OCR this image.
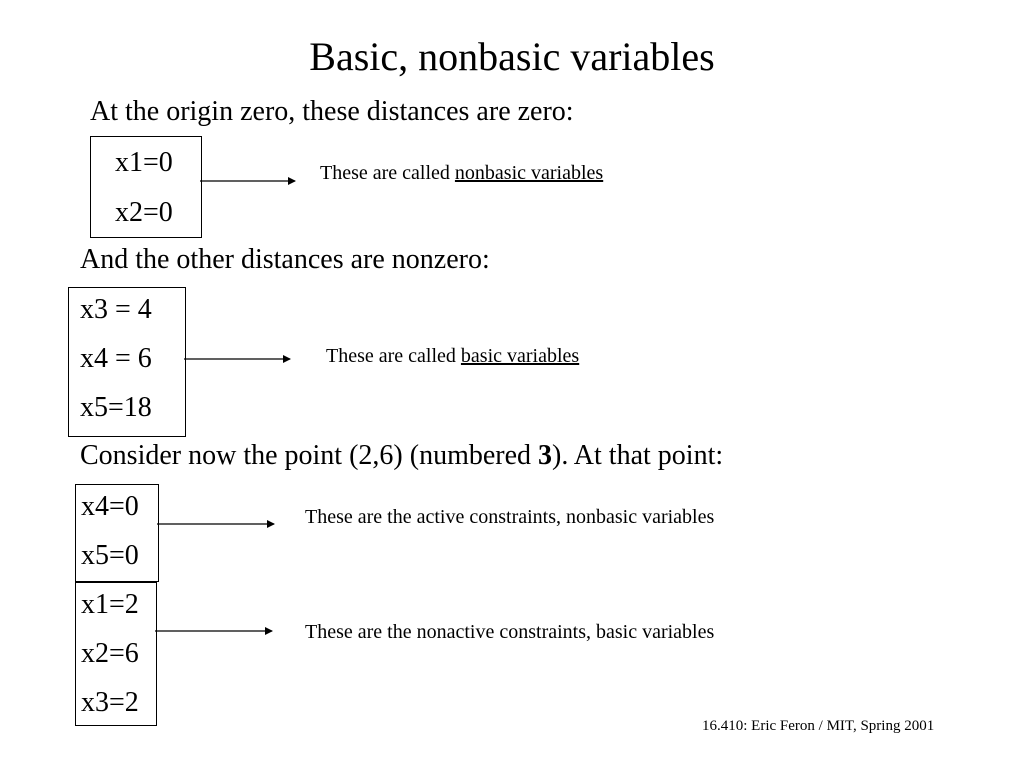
Basic, nonbasic variables
At the origin zero, these distances are zero:
x1=0
x2=0
These are called nonbasic variables
And the other distances are nonzero:
x3 = 4
x4 = 6
x5=18
These are called basic variables
Consider now the point (2,6) (numbered 3). At that point:
x4=0
x5=0
These are the active constraints, nonbasic variables
x1=2
x2=6
x3=2
These are the nonactive constraints, basic variables
16.410: Eric Feron / MIT, Spring 2001
